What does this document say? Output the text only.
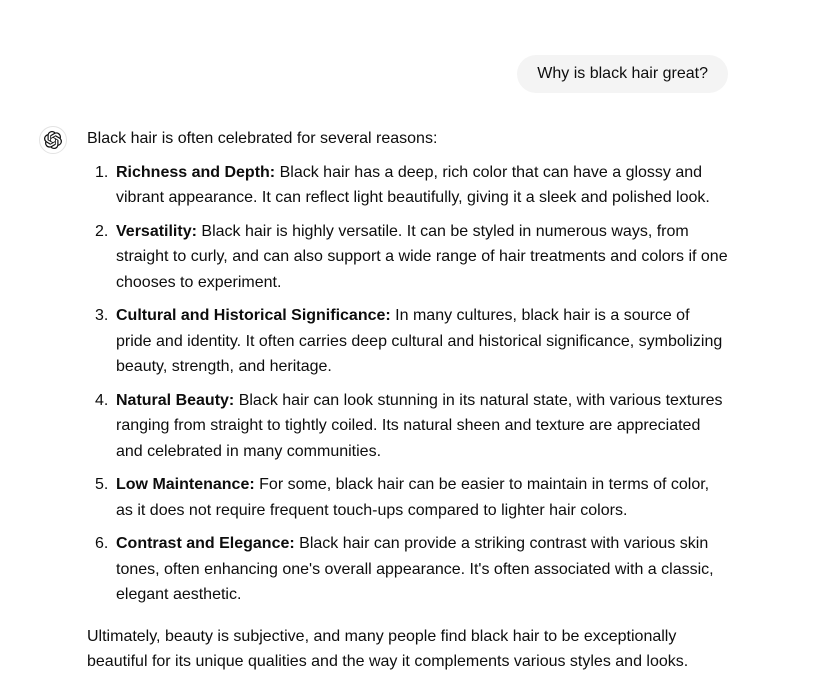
Why is black hair great?

Black hair is often celebrated for several reasons:

1. Richness and Depth: Black hair has a deep, rich color that can have a glossy and vibrant appearance. It can reflect light beautifully, giving it a sleek and polished look.
2. Versatility: Black hair is highly versatile. It can be styled in numerous ways, from straight to curly, and can also support a wide range of hair treatments and colors if one chooses to experiment.
3. Cultural and Historical Significance: In many cultures, black hair is a source of pride and identity. It often carries deep cultural and historical significance, symbolizing beauty, strength, and heritage.
4. Natural Beauty: Black hair can look stunning in its natural state, with various textures ranging from straight to tightly coiled. Its natural sheen and texture are appreciated and celebrated in many communities.
5. Low Maintenance: For some, black hair can be easier to maintain in terms of color, as it does not require frequent touch-ups compared to lighter hair colors.
6. Contrast and Elegance: Black hair can provide a striking contrast with various skin tones, often enhancing one's overall appearance. It's often associated with a classic, elegant aesthetic.

Ultimately, beauty is subjective, and many people find black hair to be exceptionally beautiful for its unique qualities and the way it complements various styles and looks.
